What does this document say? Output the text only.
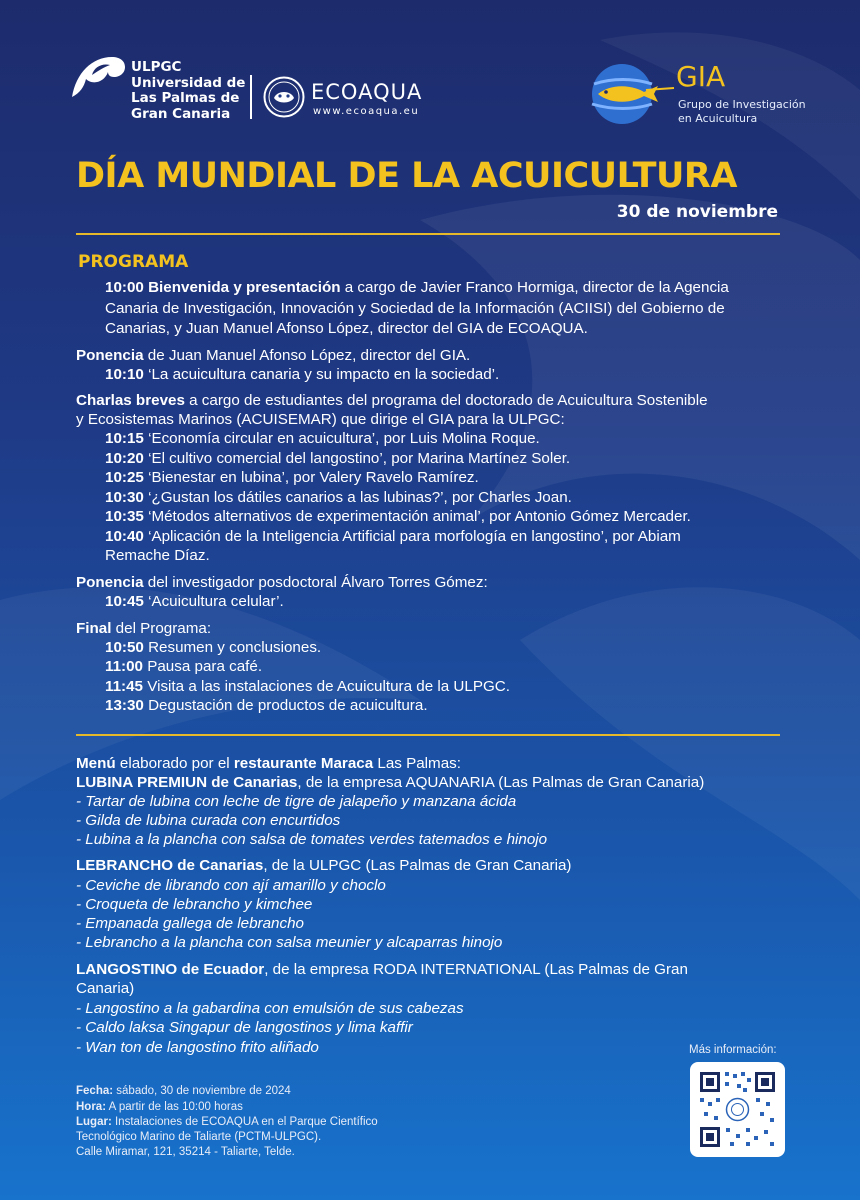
ULPGC
Universidad de
Las Palmas de
Gran Canaria
ECOAQUA
www.ecoaqua.eu
GIA
Grupo de Investigación
en Acuicultura
DÍA MUNDIAL DE LA ACUICULTURA
30 de noviembre
PROGRAMA
10:00 Bienvenida y presentación a cargo de Javier Franco Hormiga, director de la Agencia
Canaria de Investigación, Innovación y Sociedad de la Información (ACIISI) del Gobierno de
Canarias, y Juan Manuel Afonso López, director del GIA de ECOAQUA.
Ponencia de Juan Manuel Afonso López, director del GIA.
10:10 ‘La acuicultura canaria y su impacto en la sociedad’.
Charlas breves a cargo de estudiantes del programa del doctorado de Acuicultura Sostenible
y Ecosistemas Marinos (ACUISEMAR) que dirige el GIA para la ULPGC:
10:15 ‘Economía circular en acuicultura’, por Luis Molina Roque.
10:20 ‘El cultivo comercial del langostino’, por Marina Martínez Soler.
10:25 ‘Bienestar en lubina’, por Valery Ravelo Ramírez.
10:30 ‘¿Gustan los dátiles canarios a las lubinas?’, por Charles Joan.
10:35 ‘Métodos alternativos de experimentación animal’, por Antonio Gómez Mercader.
10:40 ‘Aplicación de la Inteligencia Artificial para morfología en langostino’, por Abiam
Remache Díaz.
Ponencia del investigador posdoctoral Álvaro Torres Gómez:
10:45 ‘Acuicultura celular’.
Final del Programa:
10:50 Resumen y conclusiones.
11:00 Pausa para café.
11:45 Visita a las instalaciones de Acuicultura de la ULPGC.
13:30 Degustación de productos de acuicultura.
Menú elaborado por el restaurante Maraca Las Palmas:
LUBINA PREMIUN de Canarias, de la empresa AQUANARIA (Las Palmas de Gran Canaria)
- Tartar de lubina con leche de tigre de jalapeño y manzana ácida
- Gilda de lubina curada con encurtidos
- Lubina a la plancha con salsa de tomates verdes tatemados e hinojo
LEBRANCHO de Canarias, de la ULPGC (Las Palmas de Gran Canaria)
- Ceviche de librando con ají amarillo y choclo
- Croqueta de lebrancho y kimchee
- Empanada gallega de lebrancho
- Lebrancho a la plancha con salsa meunier y alcaparras hinojo
LANGOSTINO de Ecuador, de la empresa RODA INTERNATIONAL (Las Palmas de Gran
Canaria)
- Langostino a la gabardina con emulsión de sus cabezas
- Caldo laksa Singapur de langostinos y lima kaffir
- Wan ton de langostino frito aliñado
Fecha: sábado, 30 de noviembre de 2024
Hora: A partir de las 10:00 horas
Lugar: Instalaciones de ECOAQUA en el Parque Científico
Tecnológico Marino de Taliarte (PCTM-ULPGC).
Calle Miramar, 121, 35214 - Taliarte, Telde.
Más información:
